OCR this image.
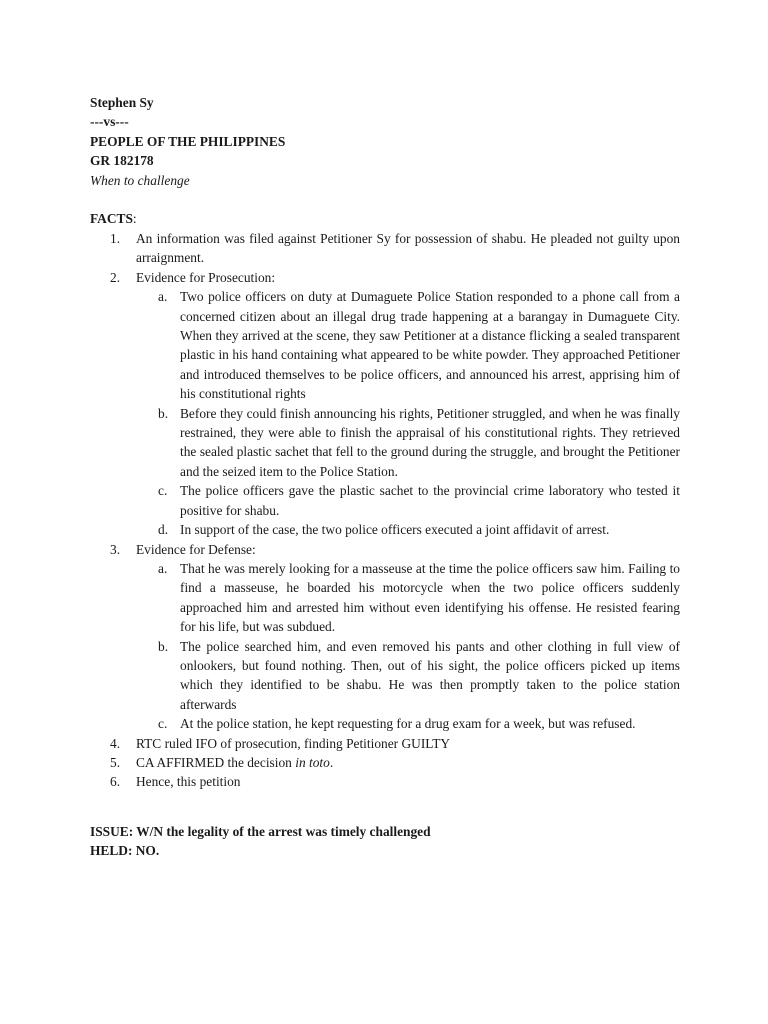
Stephen Sy
---vs---
PEOPLE OF THE PHILIPPINES
GR 182178
When to challenge
FACTS:
1. An information was filed against Petitioner Sy for possession of shabu. He pleaded not guilty upon arraignment.
2. Evidence for Prosecution:
a. Two police officers on duty at Dumaguete Police Station responded to a phone call from a concerned citizen about an illegal drug trade happening at a barangay in Dumaguete City. When they arrived at the scene, they saw Petitioner at a distance flicking a sealed transparent plastic in his hand containing what appeared to be white powder. They approached Petitioner and introduced themselves to be police officers, and announced his arrest, apprising him of his constitutional rights
b. Before they could finish announcing his rights, Petitioner struggled, and when he was finally restrained, they were able to finish the appraisal of his constitutional rights. They retrieved the sealed plastic sachet that fell to the ground during the struggle, and brought the Petitioner and the seized item to the Police Station.
c. The police officers gave the plastic sachet to the provincial crime laboratory who tested it positive for shabu.
d. In support of the case, the two police officers executed a joint affidavit of arrest.
3. Evidence for Defense:
a. That he was merely looking for a masseuse at the time the police officers saw him. Failing to find a masseuse, he boarded his motorcycle when the two police officers suddenly approached him and arrested him without even identifying his offense. He resisted fearing for his life, but was subdued.
b. The police searched him, and even removed his pants and other clothing in full view of onlookers, but found nothing. Then, out of his sight, the police officers picked up items which they identified to be shabu. He was then promptly taken to the police station afterwards
c. At the police station, he kept requesting for a drug exam for a week, but was refused.
4. RTC ruled IFO of prosecution, finding Petitioner GUILTY
5. CA AFFIRMED the decision in toto.
6. Hence, this petition
ISSUE: W/N the legality of the arrest was timely challenged
HELD: NO.
